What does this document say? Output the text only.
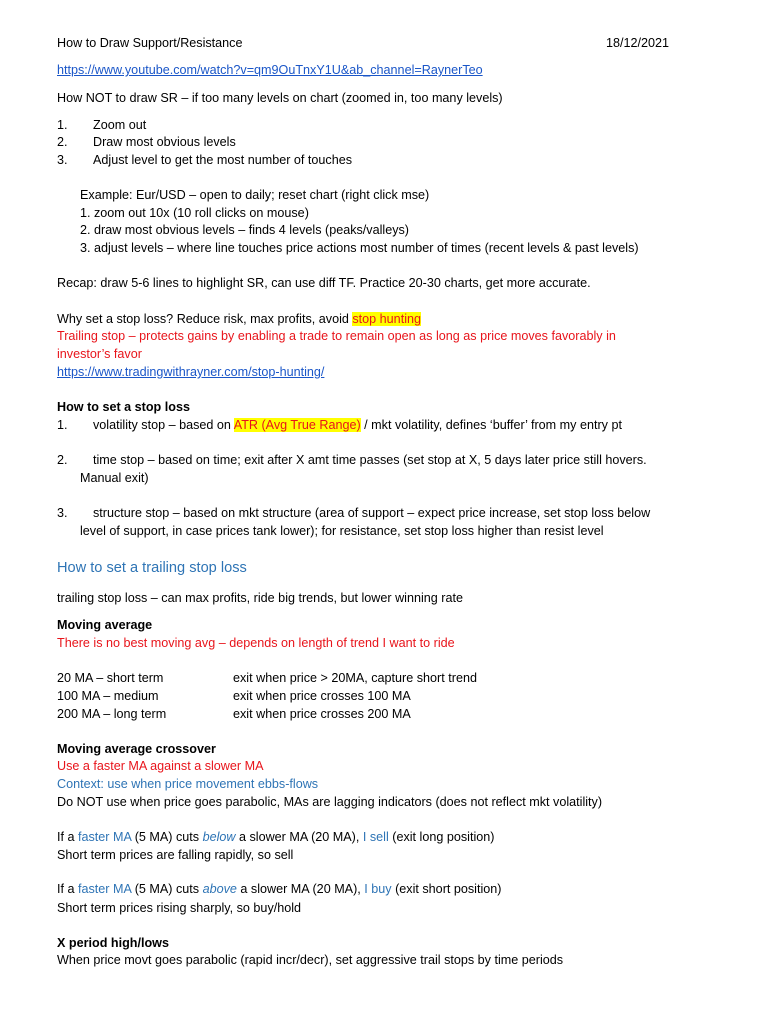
How to Draw Support/Resistance	18/12/2021
https://www.youtube.com/watch?v=qm9OuTnxY1U&ab_channel=RaynerTeo
How NOT to draw SR – if too many levels on chart (zoomed in, too many levels)
1. Zoom out
2. Draw most obvious levels
3. Adjust level to get the most number of touches
Example: Eur/USD – open to daily; reset chart (right click mse)
1. zoom out 10x (10 roll clicks on mouse)
2. draw most obvious levels – finds 4 levels (peaks/valleys)
3. adjust levels – where line touches price actions most number of times (recent levels & past levels)
Recap: draw 5-6 lines to highlight SR, can use diff TF. Practice 20-30 charts, get more accurate.
Why set a stop loss? Reduce risk, max profits, avoid stop hunting
Trailing stop – protects gains by enabling a trade to remain open as long as price moves favorably in
investor’s favor
https://www.tradingwithrayner.com/stop-hunting/
How to set a stop loss
1. volatility stop – based on ATR (Avg True Range) / mkt volatility, defines ‘buffer’ from my entry pt
2. time stop – based on time; exit after X amt time passes (set stop at X, 5 days later price still hovers.
Manual exit)
3. structure stop – based on mkt structure (area of support – expect price increase, set stop loss below
level of support, in case prices tank lower); for resistance, set stop loss higher than resist level
How to set a trailing stop loss
trailing stop loss – can max profits, ride big trends, but lower winning rate
Moving average
There is no best moving avg – depends on length of trend I want to ride
20 MA – short term	exit when price > 20MA, capture short trend
100 MA – medium	exit when price crosses 100 MA
200 MA – long term	exit when price crosses 200 MA
Moving average crossover
Use a faster MA against a slower MA
Context: use when price movement ebbs-flows
Do NOT use when price goes parabolic, MAs are lagging indicators (does not reflect mkt volatility)
If a faster MA (5 MA) cuts below a slower MA (20 MA), I sell (exit long position)
Short term prices are falling rapidly, so sell
If a faster MA (5 MA) cuts above a slower MA (20 MA), I buy (exit short position)
Short term prices rising sharply, so buy/hold
X period high/lows
When price movt goes parabolic (rapid incr/decr), set aggressive trail stops by time periods
